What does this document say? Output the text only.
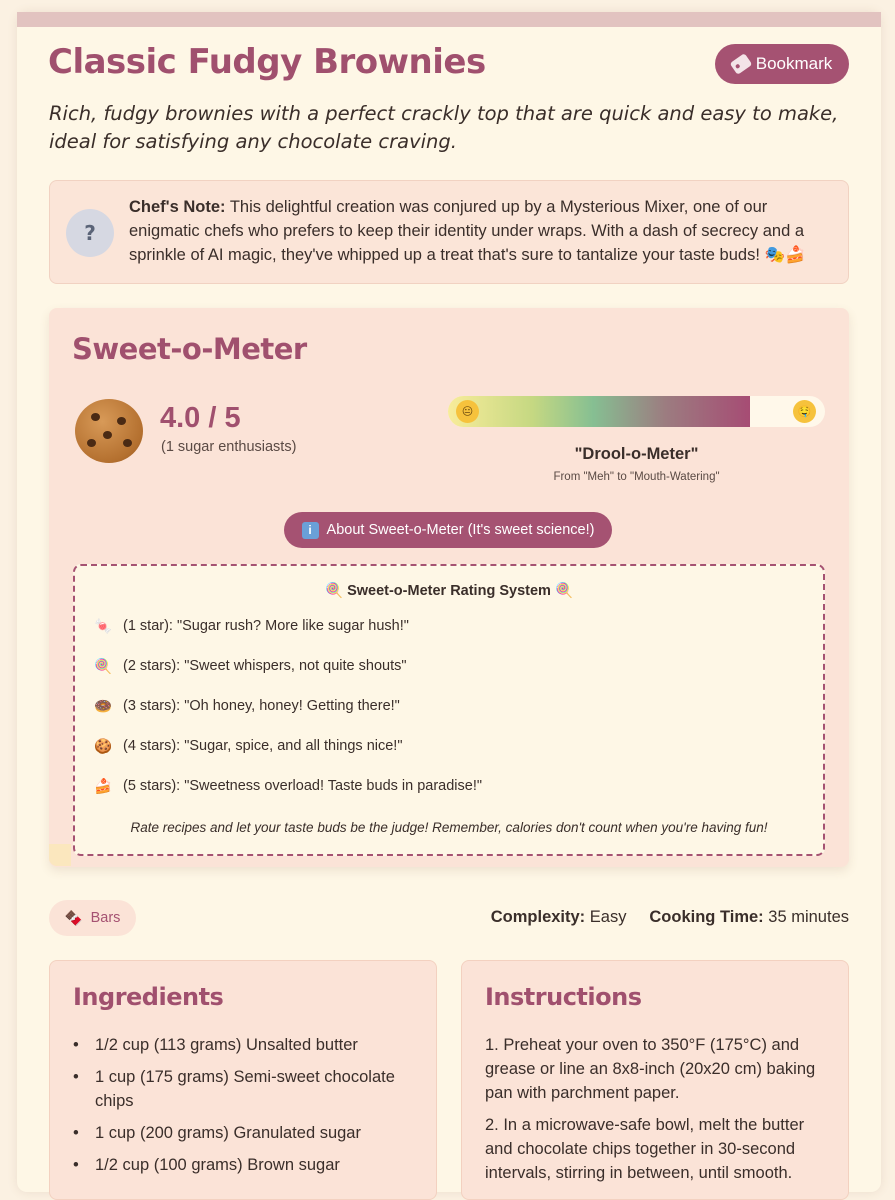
Classic Fudgy Brownies	Bookmark

Rich, fudgy brownies with a perfect crackly top that are quick and easy to make, ideal for satisfying any chocolate craving.

?
Chef's Note: This delightful creation was conjured up by a Mysterious Mixer, one of our enigmatic chefs who prefers to keep their identity under wraps. With a dash of secrecy and a sprinkle of AI magic, they've whipped up a treat that's sure to tantalize your taste buds! 🎭🍰
Sweet-o-Meter
4.0 / 5
(1 sugar enthusiasts)
😐	🤤
"Drool-o-Meter"
From "Meh" to "Mouth-Watering"
i	About Sweet-o-Meter (It's sweet science!)
🍭 Sweet-o-Meter Rating System 🍭
🍬 (1 star): "Sugar rush? More like sugar hush!"
🍭 (2 stars): "Sweet whispers, not quite shouts"
🍩 (3 stars): "Oh honey, honey! Getting there!"
🍪 (4 stars): "Sugar, spice, and all things nice!"
🍰 (5 stars): "Sweetness overload! Taste buds in paradise!"
Rate recipes and let your taste buds be the judge! Remember, calories don't count when you're having fun!
🍫 Bars	Complexity: Easy Cooking Time: 35 minutes
Ingredients
• 1/2 cup (113 grams) Unsalted butter
• 1 cup (175 grams) Semi-sweet chocolate chips
• 1 cup (200 grams) Granulated sugar
• 1/2 cup (100 grams) Brown sugar
Instructions

1. Preheat your oven to 350°F (175°C) and grease or line an 8x8-inch (20x20 cm) baking pan with parchment paper.

2. In a microwave-safe bowl, melt the butter and chocolate chips together in 30-second intervals, stirring in between, until smooth.
